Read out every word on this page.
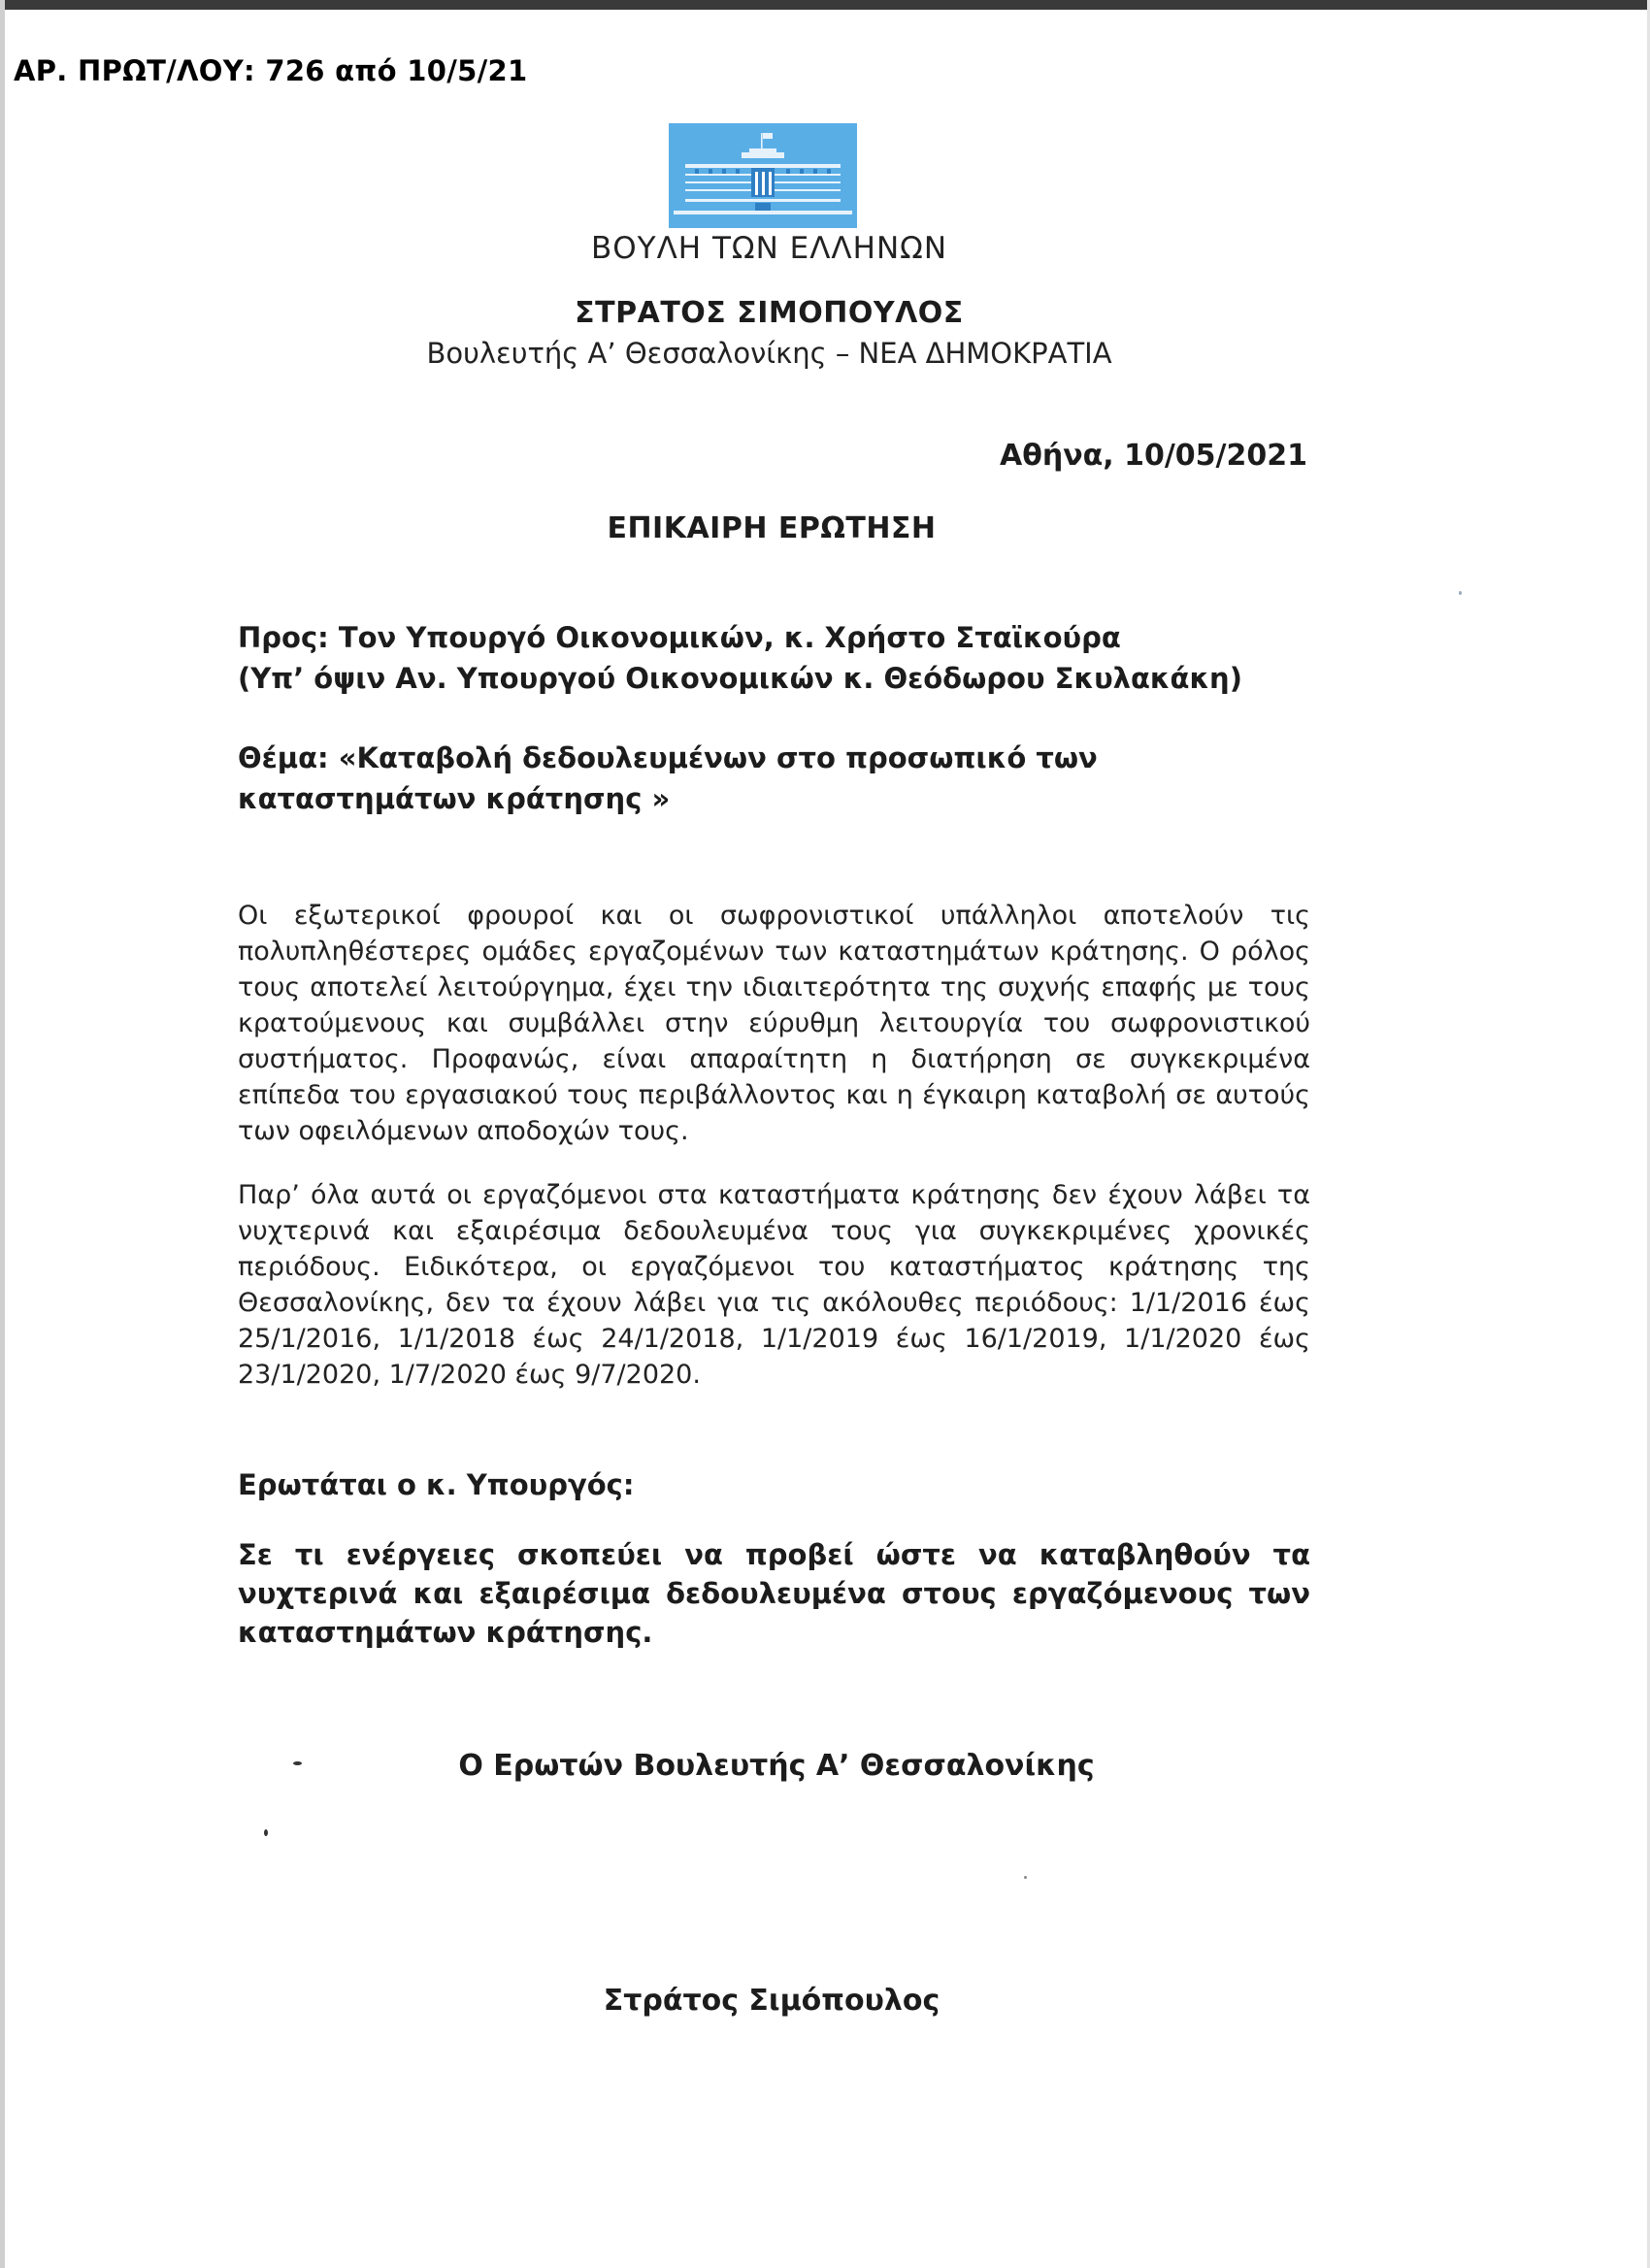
ΑΡ. ΠΡΩΤ/ΛΟΥ: 726 από 10/5/21
ΒΟΥΛΗ ΤΩΝ ΕΛΛΗΝΩΝ
ΣΤΡΑΤΟΣ ΣΙΜΟΠΟΥΛΟΣ
Βουλευτής Α’ Θεσσαλονίκης – ΝΕΑ ΔΗΜΟΚΡΑΤΙΑ
Αθήνα, 10/05/2021
ΕΠΙΚΑΙΡΗ ΕΡΩΤΗΣΗ
Προς: Τον Υπουργό Οικονομικών, κ. Χρήστο Σταϊκούρα
(Υπ’ όψιν Αν. Υπουργού Οικονομικών κ. Θεόδωρου Σκυλακάκη)
Θέμα: «Καταβολή δεδουλευμένων στο προσωπικό των καταστημάτων κράτησης »
Οι εξωτερικοί φρουροί και οι σωφρονιστικοί υπάλληλοι αποτελούν τις πολυπληθέστερες ομάδες εργαζομένων των καταστημάτων κράτησης. Ο ρόλος τους αποτελεί λειτούργημα, έχει την ιδιαιτερότητα της συχνής επαφής με τους κρατούμενους και συμβάλλει στην εύρυθμη λειτουργία του σωφρονιστικού συστήματος. Προφανώς, είναι απαραίτητη η διατήρηση σε συγκεκριμένα επίπεδα του εργασιακού τους περιβάλλοντος και η έγκαιρη καταβολή σε αυτούς των οφειλόμενων αποδοχών τους.
Παρ’ όλα αυτά οι εργαζόμενοι στα καταστήματα κράτησης δεν έχουν λάβει τα νυχτερινά και εξαιρέσιμα δεδουλευμένα τους για συγκεκριμένες χρονικές περιόδους. Ειδικότερα, οι εργαζόμενοι του καταστήματος κράτησης της Θεσσαλονίκης, δεν τα έχουν λάβει για τις ακόλουθες περιόδους: 1/1/2016 έως 25/1/2016, 1/1/2018 έως 24/1/2018, 1/1/2019 έως 16/1/2019, 1/1/2020 έως 23/1/2020, 1/7/2020 έως 9/7/2020.
Ερωτάται ο κ. Υπουργός:
Σε τι ενέργειες σκοπεύει να προβεί ώστε να καταβληθούν τα νυχτερινά και εξαιρέσιμα δεδουλευμένα στους εργαζόμενους των καταστημάτων κράτησης.
Ο Ερωτών Βουλευτής Α’ Θεσσαλονίκης
Στράτος Σιμόπουλος
